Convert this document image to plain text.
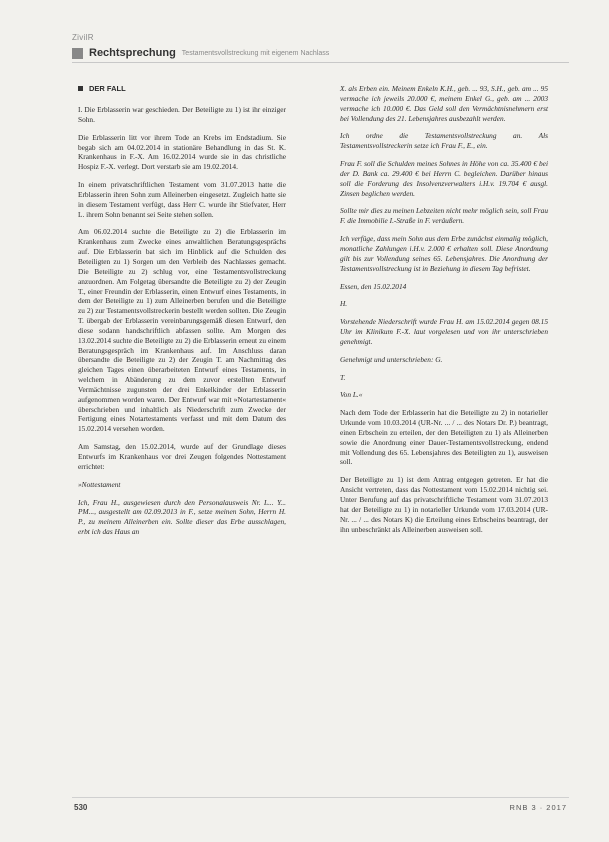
ZivilR
Rechtsprechung Testamentsvollstreckung mit eigenem Nachlass
DER FALL

I. Die Erblasserin war geschieden. Der Beteiligte zu 1) ist ihr einziger Sohn.

Die Erblasserin litt vor ihrem Tode an Krebs im Endstadium. Sie begab sich am 04.02.2014 in stationäre Behandlung in das St. K. Krankenhaus in F.-X. Am 16.02.2014 wurde sie in das christliche Hospiz F.-X. verlegt. Dort verstarb sie am 19.02.2014.

In einem privatschriftlichen Testament vom 31.07.2013 hatte die Erblasserin ihren Sohn zum Alleinerben eingesetzt. Zugleich hatte sie in diesem Testament verfügt, dass Herr C. wurde ihr Stiefvater, Herr L. ihrem Sohn benannt sei Seite stehen sollen.

Am 06.02.2014 suchte die Beteiligte zu 2) die Erblasserin im Krankenhaus zum Zwecke eines anwaltlichen Beratungsgesprächs auf. Die Erblasserin bat sich im Hinblick auf die Schulden des Beteiligten zu 1) Sorgen um den Verbleib des Nachlasses gemacht. Die Beteiligte zu 2) schlug vor, eine Testamentsvollstreckung anzuordnen. Am Folgetag übersandte die Beteiligte zu 2) der Zeugin T., einer Freundin der Erblasserin, einen Entwurf eines Testaments, in dem der Beteiligte zu 1) zum Alleinerben berufen und die Beteiligte zu 2) zur Testamentsvollstreckerin bestellt werden sollten. Die Zeugin T. übergab der Erblasserin vereinbarungsgemäß diesen Entwurf, den diese sodann handschriftlich abfassen sollte. Am Morgen des 13.02.2014 suchte die Beteiligte zu 2) die Erblasserin erneut zu einem Beratungsgespräch im Krankenhaus auf. Im Anschluss daran übersandte die Beteiligte zu 2) der Zeugin T. am Nachmittag des gleichen Tages einen überarbeiteten Entwurf eines Testaments, in welchem in Abänderung zu dem zuvor erstellten Entwurf Vermächtnisse zugunsten der drei Enkelkinder der Erblasserin aufgenommen worden waren. Der Entwurf war mit »Notartestament« überschrieben und inhaltlich als Niederschrift zum Zwecke der Fertigung eines Notartestaments verfasst und mit dem Datum des 15.02.2014 versehen worden.

Am Samstag, den 15.02.2014, wurde auf der Grundlage dieses Entwurfs im Krankenhaus vor drei Zeugen folgendes Nottestament errichtet:

»Nottestament

Ich, Frau H., ausgewiesen durch den Personalausweis Nr. L... Y... PM..., ausgestellt am 02.09.2013 in F., setze meinen Sohn, Herrn H. P., zu meinem Alleinerben ein. Sollte dieser das Erbe ausschlagen, erbt ich das Haus an

X. als Erben ein. Meinem Enkeln K.H., geb. ... 93, S.H., geb. am ... 95 vermache ich jeweils 20.000 €, meinem Enkel G., geb. am ... 2003 vermache ich 10.000 €. Das Geld soll den Vermächtnisnehmern erst bei Vollendung des 21. Lebensjahres ausbezahlt werden.

Ich ordne die Testamentsvollstreckung an. Als Testamentsvollstreckerin setze ich Frau F., E., ein.

Frau F. soll die Schulden meines Sohnes in Höhe von ca. 35.400 € bei der D. Bank ca. 29.400 € bei Herrn C. begleichen. Darüber hinaus soll die Forderung des Insolvenzverwalters i.H.v. 19.704 € ausgl. Zinsen beglichen werden.

Sollte mir dies zu meinen Lebzeiten nicht mehr möglich sein, soll Frau F. die Immobilie I.-Straße in F. veräußern.

Ich verfüge, dass mein Sohn aus dem Erbe zunächst einmalig möglich, monatliche Zahlungen i.H.v. 2.000 € erhalten soll. Diese Anordnung gilt bis zur Vollendung seines 65. Lebensjahres. Die Anordnung der Testamentsvollstreckung ist in Beziehung in diesem Tag befristet.

Essen, den 15.02.2014

H.

Vorstehende Niederschrift wurde Frau H. am 15.02.2014 gegen 08.15 Uhr im Klinikum F.-X. laut vorgelesen und von ihr unterschrieben genehmigt.

Genehmigt und unterschrieben: G.

T.

Von L.«

Nach dem Tode der Erblasserin hat die Beteiligte zu 2) in notarieller Urkunde vom 10.03.2014 (UR-Nr. ... / ... des Notars Dr. P.) beantragt, einen Erbschein zu erteilen, der den Beteiligten zu 1) als Alleinerben sowie die Anordnung einer Dauer-Testamentsvollstreckung, endend mit Vollendung des 65. Lebensjahres des Beteiligten zu 1), ausweisen soll.

Der Beteiligte zu 1) ist dem Antrag entgegen getreten. Er hat die Ansicht vertreten, dass das Nottestament vom 15.02.2014 nichtig sei. Unter Berufung auf das privatschriftliche Testament vom 31.07.2013 hat der Beteiligte zu 1) in notarieller Urkunde vom 17.03.2014 (UR-Nr. ... / ... des Notars K) die Erteilung eines Erbscheins beantragt, der ihn unbeschränkt als Alleinerben ausweisen soll.

530	RNB 3 · 2017
